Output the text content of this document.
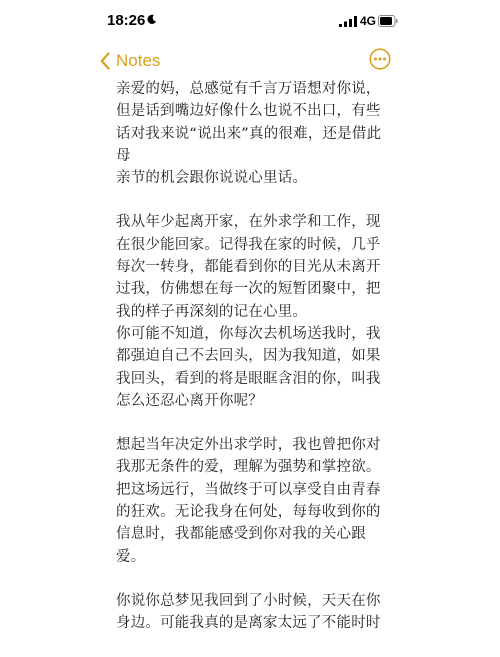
18:26	4G
Notes

亲爱的妈，总感觉有千言万语想对你说，
但是话到嘴边好像什么也说不出口，有些
话对我来说“说出来”真的很难，还是借此母
亲节的机会跟你说说心里话。

我从年少起离开家，在外求学和工作，现
在很少能回家。记得我在家的时候，几乎
每次一转身，都能看到你的目光从未离开
过我，仿佛想在每一次的短暂团聚中，把
我的样子再深刻的记在心里。

你可能不知道，你每次去机场送我时，我
都强迫自己不去回头，因为我知道，如果
我回头，看到的将是眼眶含泪的你，叫我
怎么还忍心离开你呢？

想起当年决定外出求学时，我也曾把你对
我那无条件的爱，理解为强势和掌控欲。
把这场远行，当做终于可以享受自由青春
的狂欢。无论我身在何处，每每收到你的
信息时，我都能感受到你对我的关心跟爱。

你说你总梦见我回到了小时候，天天在你
身边。可能我真的是离家太远了不能时时
